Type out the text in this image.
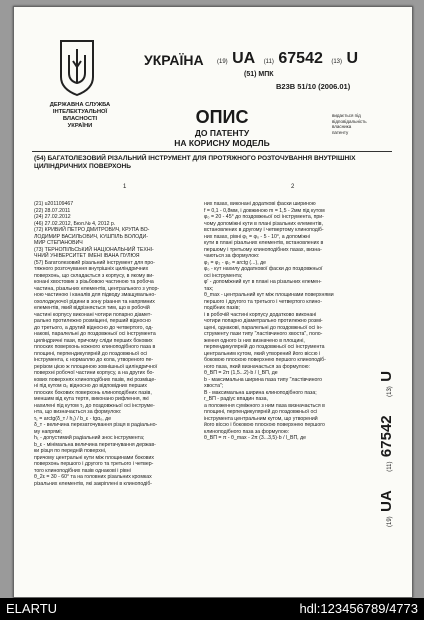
ДЕРЖАВНА СЛУЖБА
ІНТЕЛЕКТУАЛЬНОЇ
ВЛАСНОСТІ
УКРАЇНИ
УКРАЇНА (19) UA (11) 67542 (13) U
(51) МПК
B23B 51/10 (2006.01)
ОПИС
ДО ПАТЕНТУ
НА КОРИСНУ МОДЕЛЬ
видається під
відповідальність
власника
патенту
(54) БАГАТОЛЕЗОВИЙ РІЗАЛЬНИЙ ІНСТРУМЕНТ ДЛЯ ПРОТЯЖНОГО РОЗТОЧУВАННЯ ВНУТРІШНІХ
ЦИЛІНДРИЧНИХ ПОВЕРХОНЬ
1	2

(21) u201109467

(22) 28.07.2011

(24) 27.02.2012

(46) 27.02.2012, Бюл.№ 4, 2012 р.

(72) КРИВИЙ ПЕТРО ДМИТРОВИЧ, КРУПА ВО-

ЛОДИМИР ВАСИЛЬОВИЧ, КУШПІЛЬ ВОЛОДИ-

МИР СТЕПАНОВИЧ

(73) ТЕРНОПІЛЬСЬКИЙ НАЦІОНАЛЬНИЙ ТЕХНІ-

ЧНИЙ УНІВЕРСИТЕТ ІМЕНІ ІВАНА ПУЛЮЯ

(57) Багатолезовий різальний інструмент для про-

тяжного розточування внутрішніх циліндричних

поверхонь, що складається з корпусу, в якому ви-

конані хвостовик з різьбовою частиною та робоча

частина, різальних елементів, центрального з упор-

ною частиною і каналів для підводу змащувально-

охолоджуючої рідини в зону різання та напрямних

елементів, який відрізняється тим, що в робочій

частині корпусу виконані чотири попарно діамет-

рально протилежно розміщені, перший відносно

до третього, а другий відносно до четвертого, од-

накові, паралельні до поздовжньої осі інструмента

циліндричні пази, причому сліди перших бокових

плоских поверхонь кожного клиноподібного паза в

площині, перпендикулярній до поздовжньої осі

інструмента, є нормаллю до кола, утвореного пе-

рерізом цією ж площиною зовнішньої циліндричної

поверхні робочої частини корпусу, а на других бо-

кових поверхнях клиноподібних пазів, які розміще-

ні під кутом α₀ відносно до відповідних перших

плоских бокових поверхонь клиноподібних пазів,

меншим від кута тертя, виконано рифлення, які

нахилені під кутом τ₁ до поздовжньої осі інструме-

нта, що визначається за формулою:

τ₁ = arctg(δ_т / h₁) / b_ε · tgα₀, де

δ_т - величина перезаточування різця в радіально-

му напрямі;

h₁ - допустимий радіальний знос інструмента;

b_ε - мінімальна величина перетачування держав-

ки різця по передній поверхні,

причому центральні кути між площинами бокових

поверхонь першого і другого та третього і четвер-

того клиноподібних пазів однакові і рівні

θ_2ε = 30 - 60° та на головних різальних кромках

різальних елементів, які закріплені в клиноподіб-

них пазах, виконані додаткові фаски шириною

f = 0,1 - 0,8мм, і довжиною m = 1,5 - 2мм під кутом

φ₀ = 20 - 45° до поздовжньої осі інструмента, при-

чому допоміжні кути в плані різальних елементів,

встановлених в другому і четвертому клиноподіб-

них пазах, рівні φ₁ = φ₀ - 5 - 10°, а допоміжні

кути в плані різальних елементів, встановлених в

першому і третьому клиноподібних пазах, визна-

чаються за формулою:

φ₁ = φ₂ - φ₀ = arctg (...), де

φ₀ - кут нахилу додаткової фаски до поздовжньої

осі інструмента;

φ' - допоміжний кут в плані на різальних елемен-

тах;

θ_max - центральний кут між площинами поверхнями

першого і другого та третього і четвертого клино-

подібних пазів;

і в робочій частині корпусу додатково виконані

чотири попарно діаметрально протилежно розмі-

щені, однакові, паралельні до поздовжньої осі ін-

струменту пази типу "ластівчиного хвоста", поло-

ження одного із них визначено в площині,

перпендикулярній до поздовжньої осі інструмента

центральним кутом, який утворений його віссю і

боковою плоскою поверхнею першого клиноподіб-

ного паза, який визначається за формулою:

θ_ВП = 2π (1,5...2)·b / l_ВП, де

b - максимальна ширина паза типу "ластівчиного

хвоста";

B - максимальна ширина клиноподібного паза;

r_ВП - радіус впадин паза,

а положення суміжного з ним паза визначається в

площині, перпендикулярній до поздовжньої осі

інструмента центральним кутом, що утворений

його віссю і боковою плоскою поверхнею першого

клиноподібного паза за формулою:

θ_ВП = π - θ_max - 2π (3...3,5)·b / l_ВП, де

(19) UA (11) 67542 (13) U
ELARTU	hdl:123456789/4773
